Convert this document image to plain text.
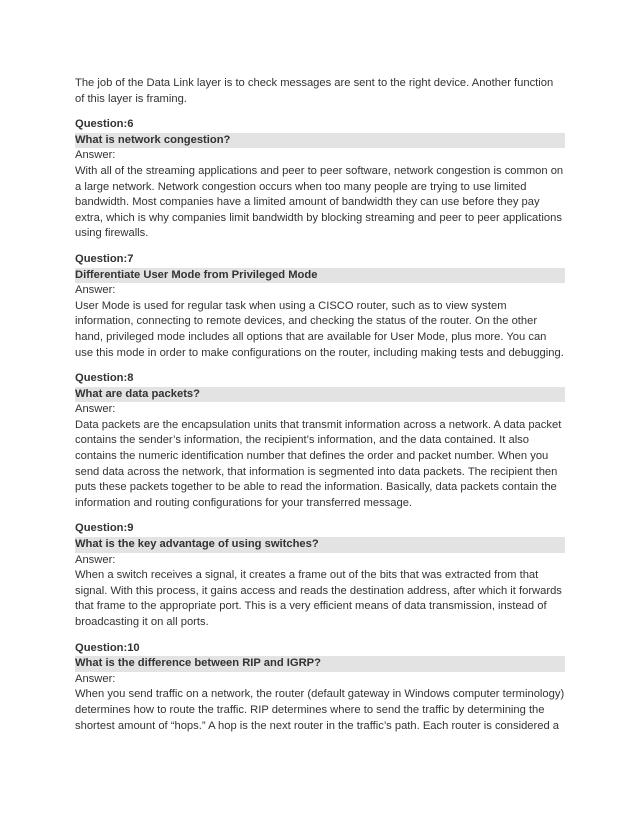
The job of the Data Link layer is to check messages are sent to the right device. Another function of this layer is framing.

Question:6

What is network congestion?

Answer:

With all of the streaming applications and peer to peer software, network congestion is common on a large network. Network congestion occurs when too many people are trying to use limited bandwidth. Most companies have a limited amount of bandwidth they can use before they pay extra, which is why companies limit bandwidth by blocking streaming and peer to peer applications using firewalls.

Question:7

Differentiate User Mode from Privileged Mode

Answer:

User Mode is used for regular task when using a CISCO router, such as to view system information, connecting to remote devices, and checking the status of the router. On the other hand, privileged mode includes all options that are available for User Mode, plus more. You can use this mode in order to make configurations on the router, including making tests and debugging.

Question:8

What are data packets?

Answer:

Data packets are the encapsulation units that transmit information across a network. A data packet contains the sender’s information, the recipient’s information, and the data contained. It also contains the numeric identification number that defines the order and packet number. When you send data across the network, that information is segmented into data packets. The recipient then puts these packets together to be able to read the information. Basically, data packets contain the information and routing configurations for your transferred message.

Question:9

What is the key advantage of using switches?

Answer:

When a switch receives a signal, it creates a frame out of the bits that was extracted from that signal. With this process, it gains access and reads the destination address, after which it forwards that frame to the appropriate port. This is a very efficient means of data transmission, instead of broadcasting it on all ports.

Question:10

What is the difference between RIP and IGRP?

Answer:

When you send traffic on a network, the router (default gateway in Windows computer terminology) determines how to route the traffic. RIP determines where to send the traffic by determining the shortest amount of “hops.” A hop is the next router in the traffic’s path. Each router is considered a
